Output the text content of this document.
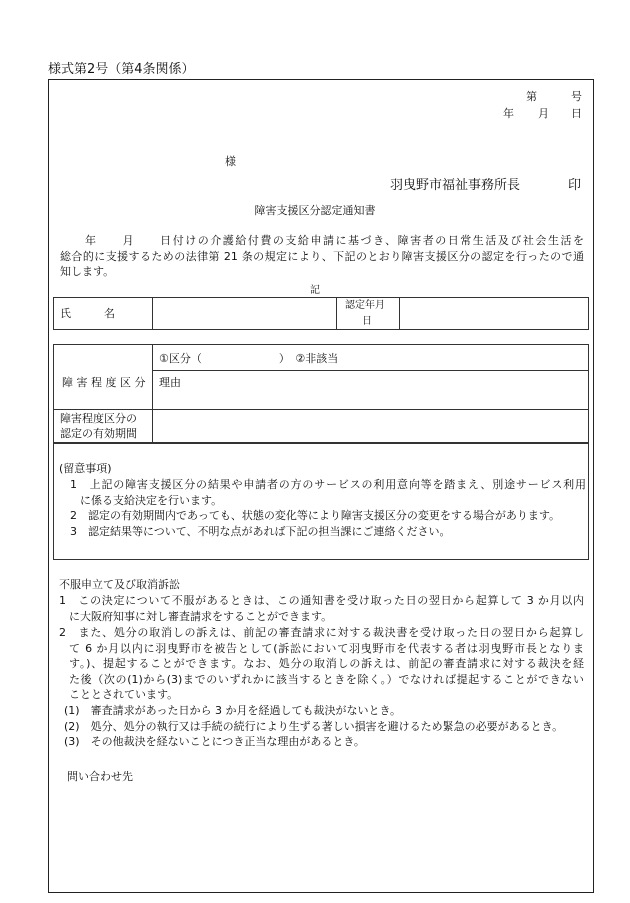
様式第2号（第4条関係）
第	号
年 月 日
様
羽曳野市福祉事務所長	印
障害支援区分認定通知書
　　年　　月　　日付けの介護給付費の支給申請に基づき、障害者の日常生活及び社会生活を
総合的に支援するための法律第 21 条の規定により、下記のとおり障害支援区分の認定を行ったので通
知します。
記
氏　　　名
認定年月
日
障 害 程 度 区 分
①区分（　　　　　　　）　②非該当
理由
障害程度区分の
認定の有効期間
(留意事項)
1　上記の障害支援区分の結果や申請者の方のサービスの利用意向等を踏まえ、別途サービス利用
に係る支給決定を行います。
2　認定の有効期間内であっても、状態の変化等により障害支援区分の変更をする場合があります。
3　認定結果等について、不明な点があれば下記の担当課にご連絡ください。
不服申立て及び取消訴訟
1　この決定について不服があるときは、この通知書を受け取った日の翌日から起算して 3 か月以内
に大阪府知事に対し審査請求をすることができます。
2　また、処分の取消しの訴えは、前記の審査請求に対する裁決書を受け取った日の翌日から起算し
て 6 か月以内に羽曳野市を被告として(訴訟において羽曳野市を代表する者は羽曳野市長となりま
す。)、提起することができます。なお、処分の取消しの訴えは、前記の審査請求に対する裁決を経
た後（次の(1)から(3)までのいずれかに該当するときを除く。）でなければ提起することができない
こととされています。
(1)　審査請求があった日から 3 か月を経過しても裁決がないとき。
(2)　処分、処分の執行又は手続の続行により生ずる著しい損害を避けるため緊急の必要があるとき。
(3)　その他裁決を経ないことにつき正当な理由があるとき。
問い合わせ先
